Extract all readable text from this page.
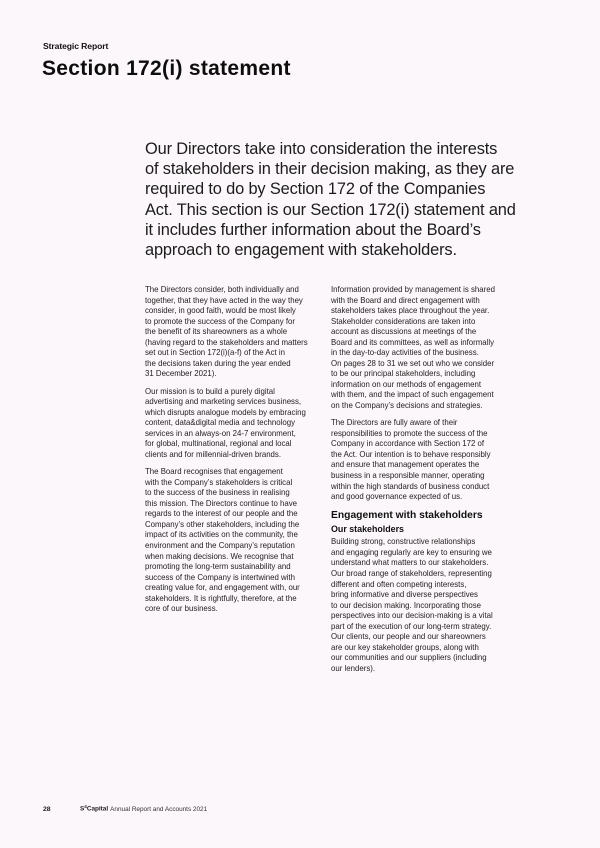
Strategic Report
Section 172(i) statement

Our Directors take into consideration the interests
of stakeholders in their decision making, as they are
required to do by Section 172 of the Companies
Act. This section is our Section 172(i) statement and
it includes further information about the Board’s
approach to engagement with stakeholders.

The Directors consider, both individually and
together, that they have acted in the way they
consider, in good faith, would be most likely
to promote the success of the Company for
the benefit of its shareowners as a whole
(having regard to the stakeholders and matters
set out in Section 172(i)(a-f) of the Act in
the decisions taken during the year ended
31 December 2021).

Our mission is to build a purely digital
advertising and marketing services business,
which disrupts analogue models by embracing
content, data&digital media and technology
services in an always-on 24-7 environment,
for global, multinational, regional and local
clients and for millennial-driven brands.

The Board recognises that engagement
with the Company’s stakeholders is critical
to the success of the business in realising
this mission. The Directors continue to have
regards to the interest of our people and the
Company’s other stakeholders, including the
impact of its activities on the community, the
environment and the Company’s reputation
when making decisions. We recognise that
promoting the long-term sustainability and
success of the Company is intertwined with
creating value for, and engagement with, our
stakeholders. It is rightfully, therefore, at the
core of our business.

Information provided by management is shared
with the Board and direct engagement with
stakeholders takes place throughout the year.
Stakeholder considerations are taken into
account as discussions at meetings of the
Board and its committees, as well as informally
in the day-to-day activities of the business.
On pages 28 to 31 we set out who we consider
to be our principal stakeholders, including
information on our methods of engagement
with them, and the impact of such engagement
on the Company’s decisions and strategies.

The Directors are fully aware of their
responsibilities to promote the success of the
Company in accordance with Section 172 of
the Act. Our intention is to behave responsibly
and ensure that management operates the
business in a responsible manner, operating
within the high standards of business conduct
and good governance expected of us.

Engagement with stakeholders
Our stakeholders

Building strong, constructive relationships
and engaging regularly are key to ensuring we
understand what matters to our stakeholders.
Our broad range of stakeholders, representing
different and often competing interests,
bring informative and diverse perspectives
to our decision making. Incorporating those
perspectives into our decision-making is a vital
part of the execution of our long-term strategy.
Our clients, our people and our shareowners
are our key stakeholder groups, along with
our communities and our suppliers (including
our lenders).

28	$S^4Capital$ Annual Report and Accounts 2021
